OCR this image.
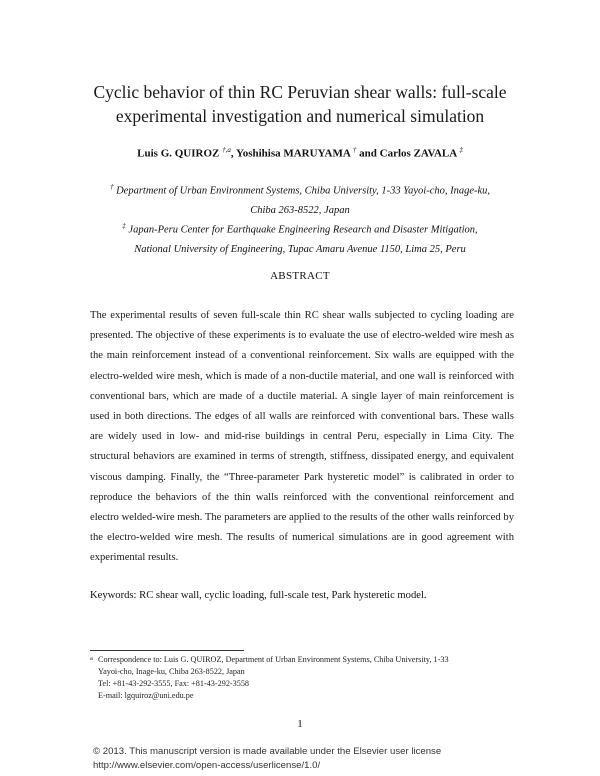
Cyclic behavior of thin RC Peruvian shear walls: full-scale
experimental investigation and numerical simulation
Luis G. QUIROZ $^{\dagger,a}$, Yoshihisa MARUYAMA † and Carlos ZAVALA ‡
† Department of Urban Environment Systems, Chiba University, 1-33 Yayoi-cho, Inage-ku,
Chiba 263-8522, Japan
‡ Japan-Peru Center for Earthquake Engineering Research and Disaster Mitigation,
National University of Engineering, Tupac Amaru Avenue 1150, Lima 25, Peru
ABSTRACT

The experimental results of seven full-scale thin RC shear walls subjected to cycling loading are presented. The objective of these experiments is to evaluate the use of electro-welded wire mesh as the main reinforcement instead of a conventional reinforcement. Six walls are equipped with the electro-welded wire mesh, which is made of a non-ductile material, and one wall is reinforced with conventional bars, which are made of a ductile material. A single layer of main reinforcement is used in both directions. The edges of all walls are reinforced with conventional bars. These walls are widely used in low- and mid-rise buildings in central Peru, especially in Lima City. The structural behaviors are examined in terms of strength, stiffness, dissipated energy, and equivalent viscous damping. Finally, the “Three-parameter Park hysteretic model” is calibrated in order to reproduce the behaviors of the thin walls reinforced with the conventional reinforcement and electro welded-wire mesh. The parameters are applied to the results of the other walls reinforced by the electro-welded wire mesh. The results of numerical simulations are in good agreement with experimental results.

Keywords: RC shear wall, cyclic loading, full-scale test, Park hysteretic model.

a Correspondence to: Luis G. QUIROZ, Department of Urban Environment Systems, Chiba University, 1-33
Yayoi-cho, Inage-ku, Chiba 263-8522, Japan
Tel: +81-43-292-3555, Fax: +81-43-292-3558
E-mail: lgquiroz@uni.edu.pe
1
© 2013. This manuscript version is made available under the Elsevier user license
http://www.elsevier.com/open-access/userlicense/1.0/
